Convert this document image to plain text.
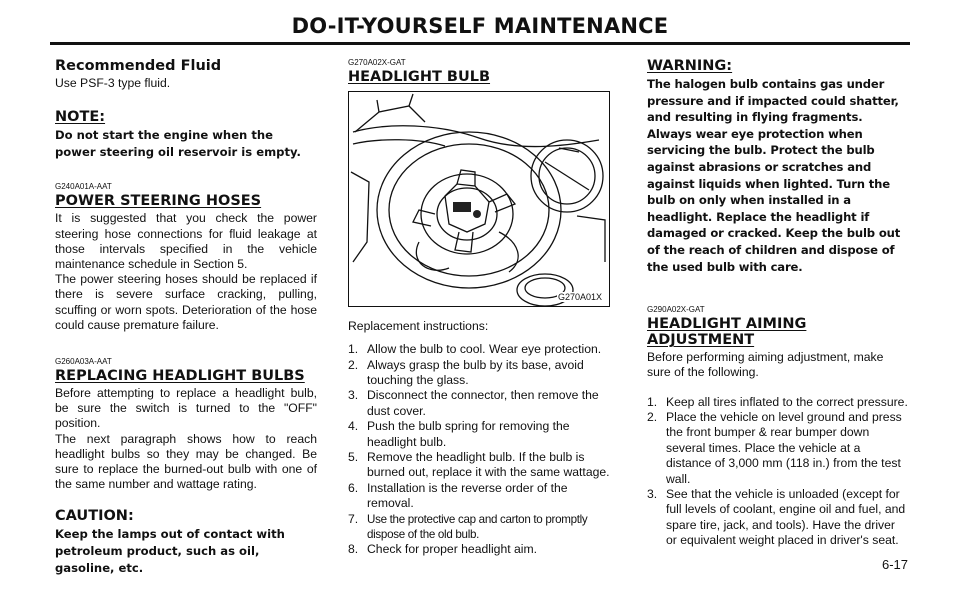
DO-IT-YOURSELF MAINTENANCE
Recommended Fluid

Use PSF-3 type fluid.

NOTE:

Do not start the engine when the power steering oil reservoir is empty.

G240A01A-AAT
POWER STEERING HOSES

It is suggested that you check the power steering hose connections for fluid leakage at those intervals specified in the vehicle maintenance schedule in Section 5.

The power steering hoses should be replaced if there is severe surface cracking, pulling, scuffing or worn spots. Deterioration of the hose could cause premature failure.

G260A03A-AAT
REPLACING HEADLIGHT BULBS

Before attempting to replace a headlight bulb, be sure the switch is turned to the "OFF" position.

The next paragraph shows how to reach headlight bulbs so they may be changed. Be sure to replace the burned-out bulb with one of the same number and wattage rating.

CAUTION:

Keep the lamps out of contact with petroleum product, such as oil, gasoline, etc.

G270A02X-GAT
HEADLIGHT BULB
G270A01X

Replacement instructions:

1. Allow the bulb to cool. Wear eye protection.
2. Always grasp the bulb by its base, avoid touching the glass.
3. Disconnect the connector, then remove the dust cover.
4. Push the bulb spring for removing the headlight bulb.
5. Remove the headlight bulb. If the bulb is burned out, replace it with the same wattage.
6. Installation is the reverse order of the removal.
7. Use the protective cap and carton to promptly dispose of the old bulb.
8. Check for proper headlight aim.
WARNING:

The halogen bulb contains gas under pressure and if impacted could shatter, and resulting in flying fragments. Always wear eye protection when servicing the bulb. Protect the bulb against abrasions or scratches and against liquids when lighted. Turn the bulb on only when installed in a headlight. Replace the headlight if damaged or cracked. Keep the bulb out of the reach of children and dispose of the used bulb with care.

G290A02X-GAT
HEADLIGHT AIMING ADJUSTMENT

Before performing aiming adjustment, make sure of the following.

1. Keep all tires inflated to the correct pressure.
2. Place the vehicle on level ground and press the front bumper & rear bumper down several times. Place the vehicle at a distance of 3,000 mm (118 in.) from the test wall.
3. See that the vehicle is unloaded (except for full levels of coolant, engine oil and fuel, and spare tire, jack, and tools). Have the driver or equivalent weight placed in driver's seat.
6-17
